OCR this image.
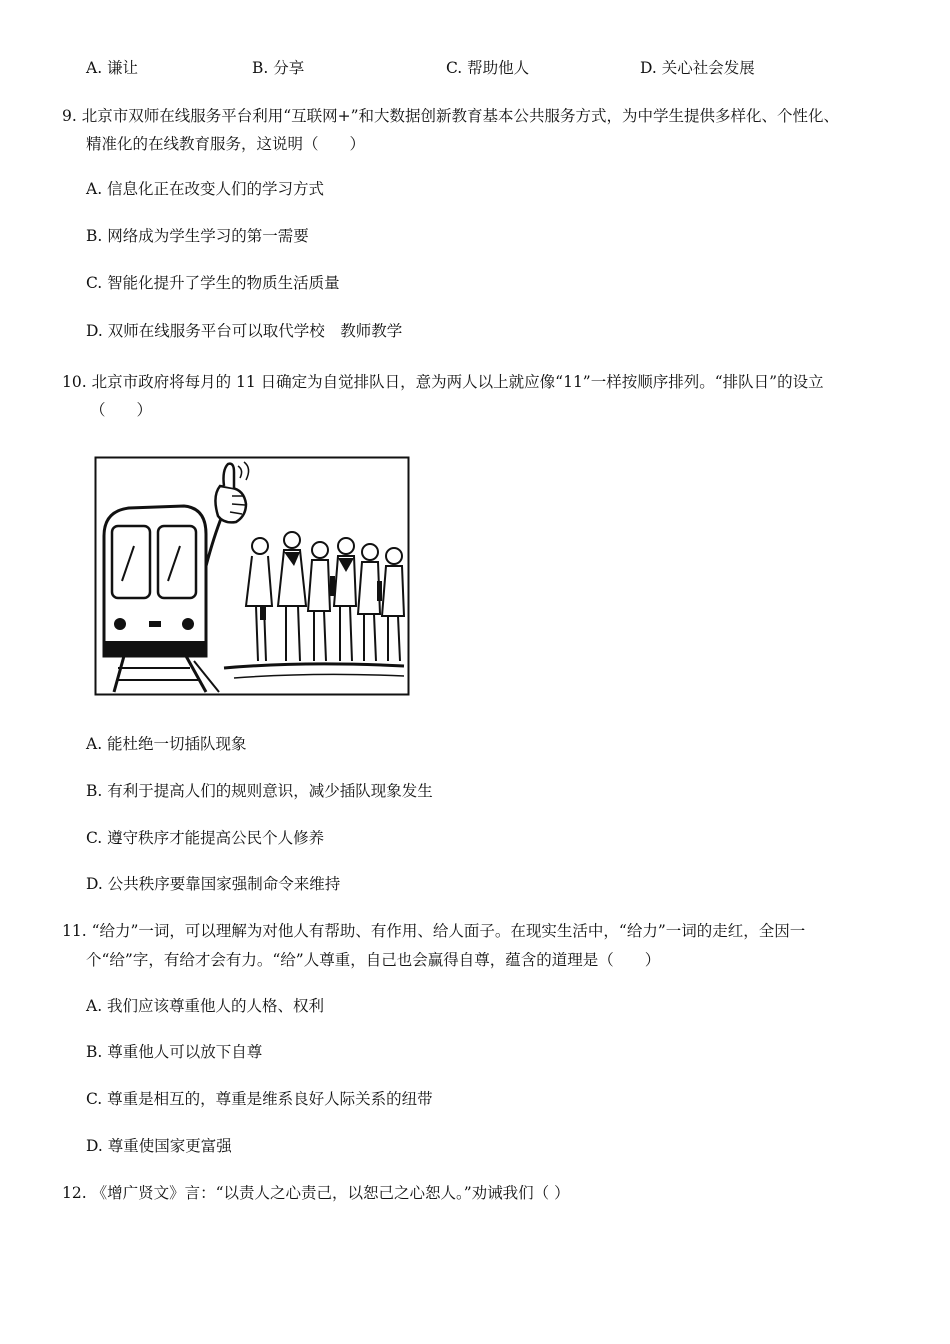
A. 谦让	B. 分享	C. 帮助他人	D. 关心社会发展
9. 北京市双师在线服务平台利用“互联网+”和大数据创新教育基本公共服务方式，为中学生提供多样化、个性化、
精准化的在线教育服务，这说明（　　）
A. 信息化正在改变人们的学习方式
B. 网络成为学生学习的第一需要
C. 智能化提升了学生的物质生活质量
D. 双师在线服务平台可以取代学校　教师教学
10. 北京市政府将每月的 11 日确定为自觉排队日，意为两人以上就应像“11”一样按顺序排列。“排队日”的设立
（　　）
A. 能杜绝一切插队现象
B. 有利于提高人们的规则意识，减少插队现象发生
C. 遵守秩序才能提高公民个人修养
D. 公共秩序要靠国家强制命令来维持
11. “给力”一词，可以理解为对他人有帮助、有作用、给人面子。在现实生活中，“给力”一词的走红，全因一
个“给”字，有给才会有力。“给”人尊重，自己也会赢得自尊，蕴含的道理是（　　）
A. 我们应该尊重他人的人格、权利
B. 尊重他人可以放下自尊
C. 尊重是相互的，尊重是维系良好人际关系的纽带
D. 尊重使国家更富强
12. 《增广贤文》言：“以责人之心责己，以恕己之心恕人。”劝诫我们（ ）
